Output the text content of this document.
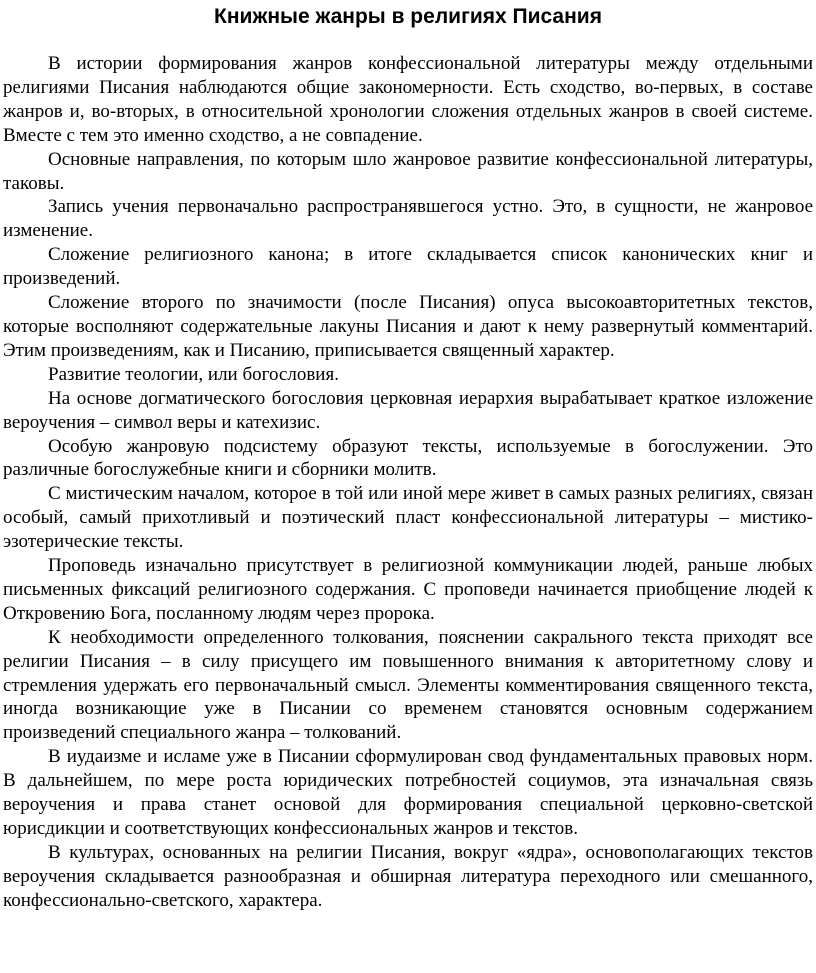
Книжные жанры в религиях Писания

В истории формирования жанров конфессиональной литературы между отдельными религиями Писания наблюдаются общие закономерности. Есть сходство, во-первых, в составе жанров и, во-вторых, в относительной хронологии сложения отдельных жанров в своей системе. Вместе с тем это именно сходство, а не совпадение.

Основные направления, по которым шло жанровое развитие конфессиональной литературы, таковы.

Запись учения первоначально распространявшегося устно. Это, в сущности, не жанровое изменение.

Сложение религиозного канона; в итоге складывается список канонических книг и произведений.

Сложение второго по значимости (после Писания) опуса высокоавторитетных текстов, которые восполняют содержательные лакуны Писания и дают к нему развернутый комментарий. Этим произведениям, как и Писанию, приписывается священный характер.

Развитие теологии, или богословия.

На основе догматического богословия церковная иерархия вырабатывает краткое изложение вероучения – символ веры и катехизис.

Особую жанровую подсистему образуют тексты, используемые в богослужении. Это различные богослужебные книги и сборники молитв.

С мистическим началом, которое в той или иной мере живет в самых разных религиях, связан особый, самый прихотливый и поэтический пласт конфессиональной литературы – мистико-эзотерические тексты.

Проповедь изначально присутствует в религиозной коммуникации людей, раньше любых письменных фиксаций религиозного содержания. С проповеди начинается приобщение людей к Откровению Бога, посланному людям через пророка.

К необходимости определенного толкования, пояснении сакрального текста приходят все религии Писания – в силу присущего им повышенного внимания к авторитетному слову и стремления удержать его первоначальный смысл. Элементы комментирования священного текста, иногда возникающие уже в Писании со временем становятся основным содержанием произведений специального жанра – толкований.

В иудаизме и исламе уже в Писании сформулирован свод фундаментальных правовых норм. В дальнейшем, по мере роста юридических потребностей социумов, эта изначальная связь вероучения и права станет основой для формирования специальной церковно-светской юрисдикции и соответствующих конфессиональных жанров и текстов.

В культурах, основанных на религии Писания, вокруг «ядра», основополагающих текстов вероучения складывается разнообразная и обширная литература переходного или смешанного, конфессионально-светского, характера.
